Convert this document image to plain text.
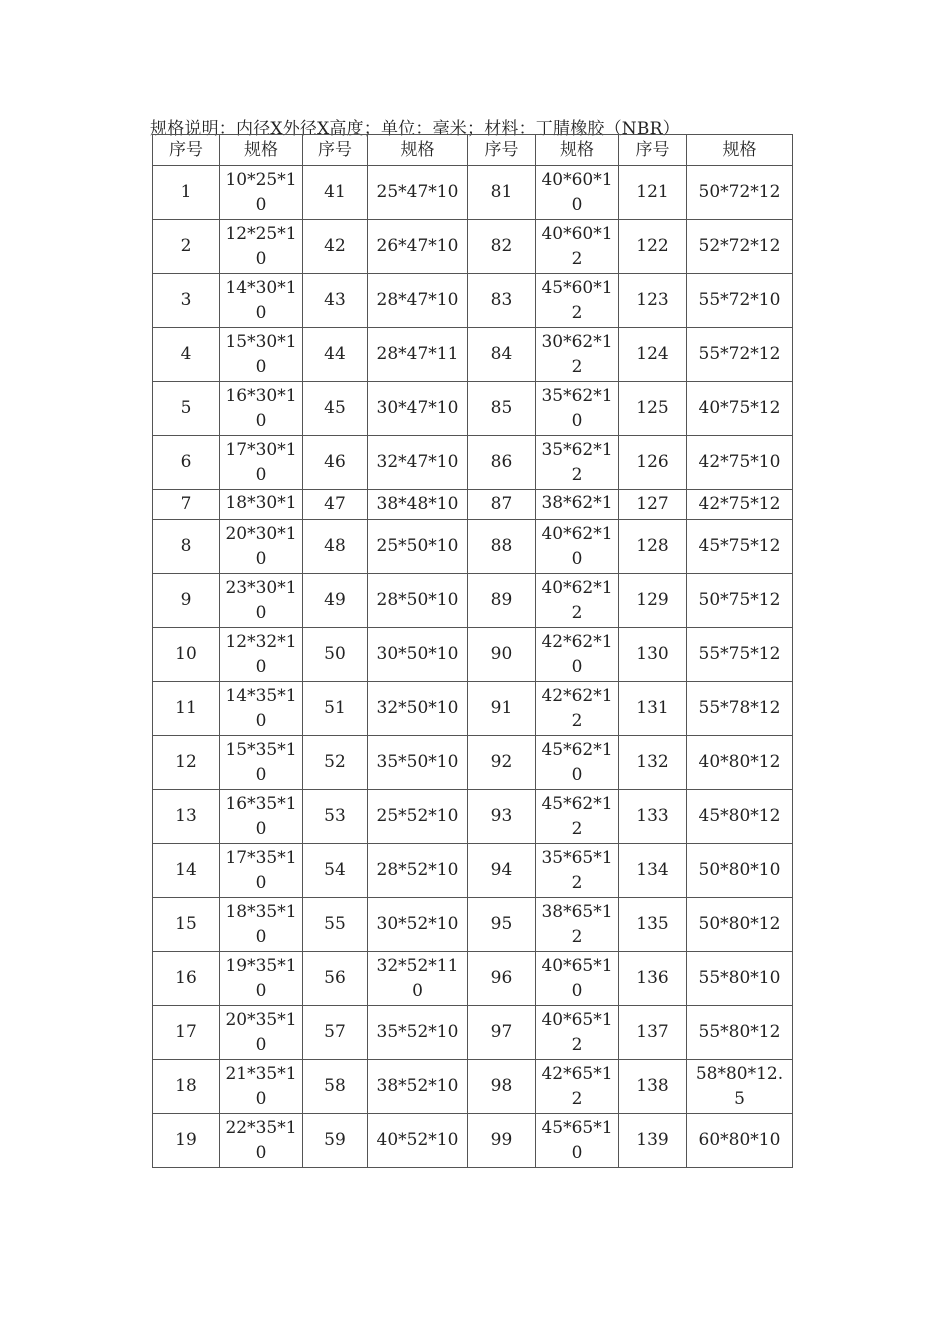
规格说明：内径X外径X高度；单位：毫米；材料：丁腈橡胶（NBR）
序号	规格	序号	规格	序号	规格	序号	规格
1	10*25*10	41	25*47*10	81	40*60*10	121	50*72*12

2	12*25*10	42	26*47*10	82	40*60*12	122	52*72*12

3	14*30*10	43	28*47*10	83	45*60*12	123	55*72*10

4	15*30*10	44	28*47*11	84	30*62*12	124	55*72*12

5	16*30*10	45	30*47*10	85	35*62*10	125	40*75*12

6	17*30*10	46	32*47*10	86	35*62*12	126	42*75*10

7	18*30*1	47	38*48*10	87	38*62*1	127	42*75*12

8	20*30*10	48	25*50*10	88	40*62*10	128	45*75*12

9	23*30*10	49	28*50*10	89	40*62*12	129	50*75*12

10	12*32*10	50	30*50*10	90	42*62*10	130	55*75*12

11	14*35*10	51	32*50*10	91	42*62*12	131	55*78*12

12	15*35*10	52	35*50*10	92	45*62*10	132	40*80*12

13	16*35*10	53	25*52*10	93	45*62*12	133	45*80*12

14	17*35*10	54	28*52*10	94	35*65*12	134	50*80*10

15	18*35*10	55	30*52*10	95	38*65*12	135	50*80*12

16	19*35*10	56	32*52*110	96	40*65*10	136	55*80*10

17	20*35*10	57	35*52*10	97	40*65*12	137	55*80*12

18	21*35*10	58	38*52*10	98	42*65*12	138	58*80*12.5

19	22*35*10	59	40*52*10	99	45*65*10	139	60*80*10
